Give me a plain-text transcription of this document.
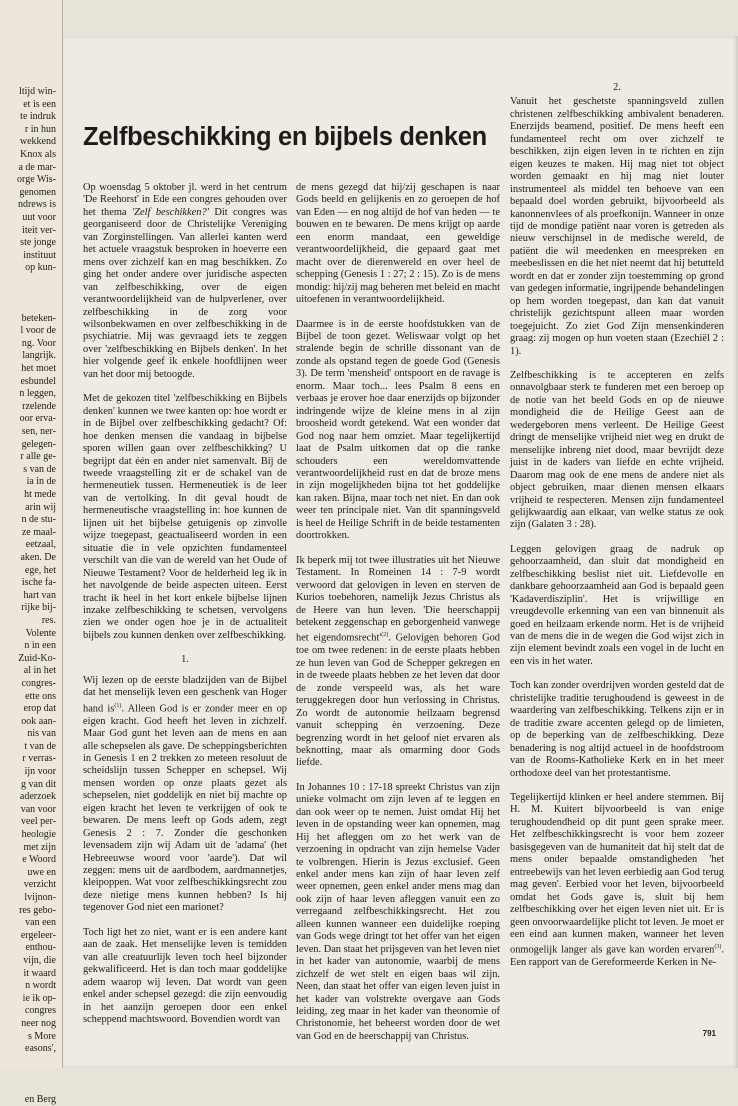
ltijd win-
et is een
te indruk
r in hun
wekkend
Knox als
a de mar-
orge Wis-
genomen
ndrews is
uut voor
iteit ver-
ste jonge
instituut
op kun-

beteken-
l voor de
ng. Voor
langrijk.
het moet
esbundel
n leggen,
rzelende
oor erva-
sen, ner-
gelegen-
r alle ge-
s van de
ia in de
ht mede
arin wij
n de stu-
ze maal-
eetzaal,
aken. De
ege, het
ische fa-
hart van
rijke bij-
res.
Volente
n in een
Zuid-Ko-
al in het
congres-
ette ons
erop dat
ook aan-
nis van
t van de
r verras-
ijn voor
g van dit
aderzoek
van voor
veel per-
heologie
met zijn
e Woord
uwe en
verzicht
lvijnon-
res gebo-
van een
ergeleer-
enthou-
vijn, die
it waard
n wordt
ie ik op-
congres
neer nog
s More
easons',

en Berg
Zelfbeschikking en bijbels denken

Op woensdag 5 oktober jl. werd in het centrum 'De Reehorst' in Ede een congres gehouden over het thema 'Zelf beschikken?' Dit congres was georganiseerd door de Christelijke Vereniging van Zorginstellingen. Van allerlei kanten werd het actuele vraagstuk besproken in hoeverre een mens over zichzelf kan en mag beschikken. Zo ging het onder andere over juridische aspecten van zelfbeschikking, over de eigen verantwoordelijkheid van de hulpverlener, over zelfbeschikking in de zorg voor wilsonbekwamen en over zelfbeschikking in de psychiatrie. Mij was gevraagd iets te zeggen over 'zelfbeschikking en Bijbels denken'. In het hier volgende geef ik enkele hoofdlijnen weer van het door mij betoogde.

Met de gekozen titel 'zelfbeschikking en Bijbels denken' kunnen we twee kanten op: hoe wordt er in de Bijbel over zelfbeschikking gedacht? Of: hoe denken mensen die vandaag in bijbelse sporen willen gaan over zelfbeschikking? U begrijpt dat één en ander niet samenvalt. Bij de tweede vraagstelling zit er de schakel van de hermeneutiek tussen. Hermeneutiek is de leer van de vertolking. In dit geval houdt de hermeneutische vraagstelling in: hoe kunnen de lijnen uit het bijbelse getuigenis op zinvolle wijze toegepast, geactualiseerd worden in een situatie die in vele opzichten fundamenteel verschilt van die van de wereld van het Oude of Nieuwe Testament? Voor de helderheid leg ik in het navolgende de beide aspecten uiteen. Eerst tracht ik heel in het kort enkele bijbelse lijnen inzake zelfbeschikking te schetsen, vervolgens zien we onder ogen hoe je in de actualiteit bijbels zou kunnen denken over zelfbeschikking.

1.

Wij lezen op de eerste bladzijden van de Bijbel dat het menselijk leven een geschenk van Hoger hand $is^{(1)}$. Alleen God is er zonder meer en op eigen kracht. God heeft het leven in zichzelf. Maar God gunt het leven aan de mens en aan alle schepselen als gave. De scheppingsberichten in Genesis 1 en 2 trekken zo meteen resoluut de scheidslijn tussen Schepper en schepsel. Wij mensen worden op onze plaats gezet als schepselen, niet goddelijk en niet bij machte op eigen kracht het leven te verkrijgen of ook te bewaren. De mens leeft op Gods adem, zegt Genesis 2 : 7. Zonder die geschonken levensadem zijn wij Adam uit de 'adama' (het Hebreeuwse woord voor 'aarde'). Dat wil zeggen: mens uit de aardbodem, aardmannetjes, kleipoppen. Wat voor zelfbeschikkingsrecht zou deze nietige mens kunnen hebben? Is hij tegenover God niet een marionet?

Toch ligt het zo niet, want er is een andere kant aan de zaak. Het menselijke leven is temidden van alle creatuurlijk leven toch heel bijzonder gekwalificeerd. Het is dan toch maar goddelijke adem waarop wij leven. Dat wordt van geen enkel ander schepsel gezegd: die zijn eenvoudig in het aanzijn geroepen door een enkel scheppend machtswoord. Bovendien wordt van

de mens gezegd dat hij/zij geschapen is naar Gods beeld en gelijkenis en zo geroepen de hof van Eden — en nog altijd de hof van heden — te bouwen en te bewaren. De mens krijgt op aarde een enorm mandaat, een geweldige verantwoordelijkheid, die gepaard gaat met macht over de dierenwereld en over heel de schepping (Genesis 1 : 27; 2 : 15). Zo is de mens mondig: hij/zij mag beheren met beleid en macht uitoefenen in verantwoordelijkheid.

Daarmee is in de eerste hoofdstukken van de Bijbel de toon gezet. Weliswaar volgt op het stralende begin de schrille dissonant van de zonde als opstand tegen de goede God (Genesis 3). De term 'mensheid' ontspoort en de ravage is enorm. Maar toch... lees Psalm 8 eens en verbaas je erover hoe daar enerzijds op bijzonder indringende wijze de kleine mens in al zijn broosheid wordt getekend. Wat een wonder dat God nog naar hem omziet. Maar tegelijkertijd laat de Psalm uitkomen dat op die ranke schouders een wereldomvattende verantwoordelijkheid rust en dat de broze mens in zijn mogelijkheden bijna tot het goddelijke kan raken. Bijna, maar toch net niet. En dan ook weer ten principale niet. Van dit spanningsveld is heel de Heilige Schrift in de beide testamenten doortrokken.

Ik beperk mij tot twee illustraties uit het Nieuwe Testament. In Romeinen 14 : 7-9 wordt verwoord dat gelovigen in leven en sterven de Kurios toebehoren, namelijk Jezus Christus als de Heere van hun leven. 'Die heerschappij betekent zeggenschap en geborgenheid vanwege het $eigendomsrecht'^{(2)}$. Gelovigen behoren God toe om twee redenen: in de eerste plaats hebben ze hun leven van God de Schepper gekregen en in de tweede plaats hebben ze het leven dat door de zonde verspeeld was, als het ware teruggekregen door hun verlossing in Christus. Zo wordt de autonomie heilzaam begrensd vanuit schepping èn verzoening. Deze begrenzing wordt in het geloof niet ervaren als beknotting, maar als omarming door Gods liefde.

In Johannes 10 : 17-18 spreekt Christus van zijn unieke volmacht om zijn leven af te leggen en dan ook weer op te nemen. Juist omdat Hij het leven in de opstanding weer kan opnemen, mag Hij het afleggen om zo het werk van de verzoening in opdracht van zijn hemelse Vader te volbrengen. Hierin is Jezus exclusief. Geen enkel ander mens kan zijn of haar leven zelf weer opnemen, geen enkel ander mens mag dan ook zijn of haar leven afleggen vanuit een zo verregaand zelfbeschikkingsrecht. Het zou alleen kunnen wanneer een duidelijke roeping van Gods wege dringt tot het offer van het eigen leven. Dan staat het prijsgeven van het leven niet in het kader van autonomie, waarbij de mens zichzelf de wet stelt en eigen baas wil zijn. Neen, dan staat het offer van eigen leven juist in het kader van volstrekte overgave aan Gods leiding, zeg maar in het kader van theonomie of Christonomie, het beheerst worden door de wet van God en de heerschappij van Christus.

2.

Vanuit het geschetste spanningsveld zullen christenen zelfbeschikking ambivalent benaderen. Enerzijds beamend, positief. De mens heeft een fundamenteel recht om over zichzelf te beschikken, zijn eigen leven in te richten en zijn eigen keuzes te maken. Hij mag niet tot object worden gemaakt en hij mag niet louter instrumenteel als middel ten behoeve van een bepaald doel worden gebruikt, bijvoorbeeld als kanonnenvlees of als proefkonijn. Wanneer in onze tijd de mondige patiënt naar voren is getreden als nieuw verschijnsel in de medische wereld, de patiënt die wil meedenken en meespreken en meebeslissen en die het niet neemt dat hij betutteld wordt en dat er zonder zijn toestemming op grond van gedegen informatie, ingrijpende behandelingen op hem worden toegepast, dan kan dat vanuit christelijk gezichtspunt alleen maar worden toegejuicht. Zo ziet God Zijn mensenkinderen graag: zij mogen op hun voeten staan (Ezechiël 2 : 1).

Zelfbeschikking is te accepteren en zelfs onnavolgbaar sterk te funderen met een beroep op de notie van het beeld Gods en op de nieuwe mondigheid die de Heilige Geest aan de wedergeboren mens verleent. De Heilige Geest dringt de menselijke vrijheid niet weg en drukt de menselijke inbreng niet dood, maar bevrijdt deze juist in de kaders van liefde en echte vrijheid. Daarom mag ook de ene mens de andere niet als object gebruiken, maar dienen mensen elkaars vrijheid te respecteren. Mensen zijn fundamenteel gelijkwaardig aan elkaar, van welke status ze ook zijn (Galaten 3 : 28).

Leggen gelovigen graag de nadruk op gehoorzaamheid, dan sluit dat mondigheid en zelfbeschikking beslist niet uit. Liefdevolle en dankbare gehoorzaamheid aan God is bepaald geen 'Kadaverdisziplin'. Het is vrijwillige en vreugdevolle erkenning van een van binnenuit als goed en heilzaam erkende norm. Het is de vrijheid van de mens die in de wegen die God wijst zich in zijn element bevindt zoals een vogel in de lucht en een vis in het water.

Toch kan zonder overdrijven worden gesteld dat de christelijke traditie terughoudend is geweest in de waardering van zelfbeschikking. Telkens zijn er in de traditie zware accenten gelegd op de limieten, op de beperking van de zelfbeschikking. Deze benadering is nog altijd actueel in de hoofdstroom van de Rooms-Katholieke Kerk en in het meer orthodoxe deel van het protestantisme.

Tegelijkertijd klinken er heel andere stemmen. Bij H. M. Kuitert bijvoorbeeld is van enige terughoudendheid op dit punt geen sprake meer. Het zelfbeschikkingsrecht is voor hem zozeer basisgegeven van de humaniteit dat hij stelt dat de mens onder bepaalde omstandigheden 'het entreebewijs van het leven eerbiedig aan God terug mag geven'. Eerbied voor het leven, bijvoorbeeld omdat het Gods gave is, sluit bij hem zelfbeschikking over het eigen leven niet uit. Er is geen onvoorwaardelijke plicht tot leven. Je moet er een eind aan kunnen maken, wanneer het leven onmogelijk langer als gave kan worden ervaren$^{(3)}$. Een rapport van de Gereformeerde Kerken in Ne-

791
